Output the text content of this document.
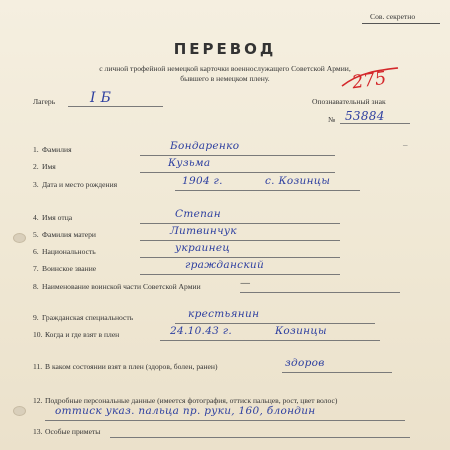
Сов. секретно
ПЕРЕВОД
с личной трофейной немецкой карточки военнослужащего Советской Армии,
бывшего в немецком плену.	275
Лагерь I Б	Опознавательный знак
№ 53884
‒
1. Фамилия	Бондаренко
2. Имя	Кузьма
3. Дата и место рождения	1904 г.	с. Козинцы
4. Имя отца	Степан
5. Фамилия матери	Литвинчук
6. Национальность	украинец
7. Воинское звание	гражданский
8. Наименование воинской части Советской Армии	—
9. Гражданская специальность	крестьянин
10. Когда и где взят в плен	24.10.43 г.	Козинцы
11. В каком состоянии взят в плен (здоров, болен, ранен)	здоров
12. Подробные персональные данные (имеется фотография, оттиск пальцев, рост, цвет волос)
оттиск указ. пальца пр. руки, 160, блондин
13. Особые приметы
